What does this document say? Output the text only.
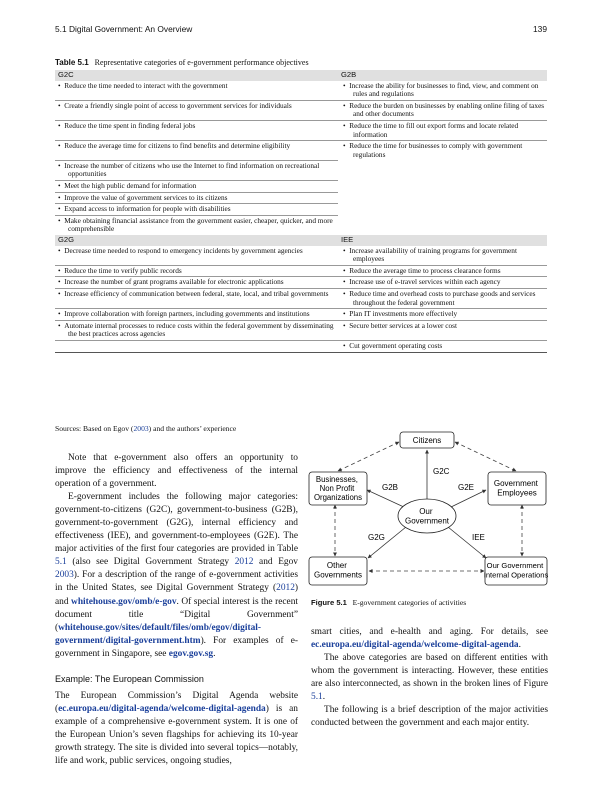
5.1 Digital Government: An Overview	139
Table 5.1 Representative categories of e-government performance objectives
G2C	G2B

•  Reduce the time needed to interact with the government	•  Increase the ability for businesses to find, view, and comment on rules and regulations

•  Create a friendly single point of access to government services for individuals	•  Reduce the burden on businesses by enabling online filing of taxes and other documents

•  Reduce the time spent in finding federal jobs	•  Reduce the time to fill out export forms and locate related information

•  Reduce the average time for citizens to find benefits and determine eligibility	•  Reduce the time for businesses to comply with government regulations

•  Increase the number of citizens who use the Internet to find information on recreational opportunities	

•  Meet the high public demand for information	

•  Improve the value of government services to its citizens	

•  Expand access to information for people with disabilities	

•  Make obtaining financial assistance from the government easier, cheaper, quicker, and more comprehensible	

G2G	IEE

•  Decrease time needed to respond to emergency incidents by government agencies	•  Increase availability of training programs for government employees

•  Reduce the time to verify public records	•  Reduce the average time to process clearance forms

•  Increase the number of grant programs available for electronic applications	•  Increase use of e-travel services within each agency

•  Increase efficiency of communication between federal, state, local, and tribal governments	•  Reduce time and overhead costs to purchase goods and services throughout the federal government

•  Improve collaboration with foreign partners, including governments and institutions	•  Plan IT investments more effectively

•  Automate internal processes to reduce costs within the federal government by disseminating the best practices across agencies	•  Secure better services at a lower cost

	•  Cut government operating costs
Sources: Based on Egov (2003) and the authors’ experience

Note that e-government also offers an opportunity to improve the efficiency and effectiveness of the internal operation of a government.

E-government includes the following major categories: government-to-citizens (G2C), government-to-business (G2B), government-to-government (G2G), internal efficiency and effectiveness (IEE), and government-to-employees (G2E). The major activities of the first four categories are provided in Table 5.1 (also see Digital Government Strategy 2012 and Egov 2003). For a description of the range of e-government activities in the United States, see Digital Government Strategy (2012) and whitehouse.gov/omb/e-gov. Of special interest is the recent document title “Digital Government” (whitehouse.gov/sites/default/files/omb/egov/digital-government/digital-government.htm). For examples of e-government in Singapore, see egov.gov.sg.

Example: The European Commission

The European Commission’s Digital Agenda website (ec.europa.eu/digital-agenda/welcome-digital-agenda) is an example of a comprehensive e-government system. It is one of the European Union’s seven flagships for achieving its 10-year growth strategy. The site is divided into several topics—notably, life and work, public services, ongoing studies,

Citizens
Businesses, Non Profit Organizations
Government Employees
Our Government
Other Governments
Our Government Internal Operations
G2C
G2B	G2E
G2G	IEE
Figure 5.1 E-government categories of activities

smart cities, and e-health and aging. For details, see ec.europa.eu/digital-agenda/welcome-digital-agenda.

The above categories are based on different entities with whom the government is interacting. However, these entities are also interconnected, as shown in the broken lines of Figure 5.1.

The following is a brief description of the major activities conducted between the government and each major entity.
